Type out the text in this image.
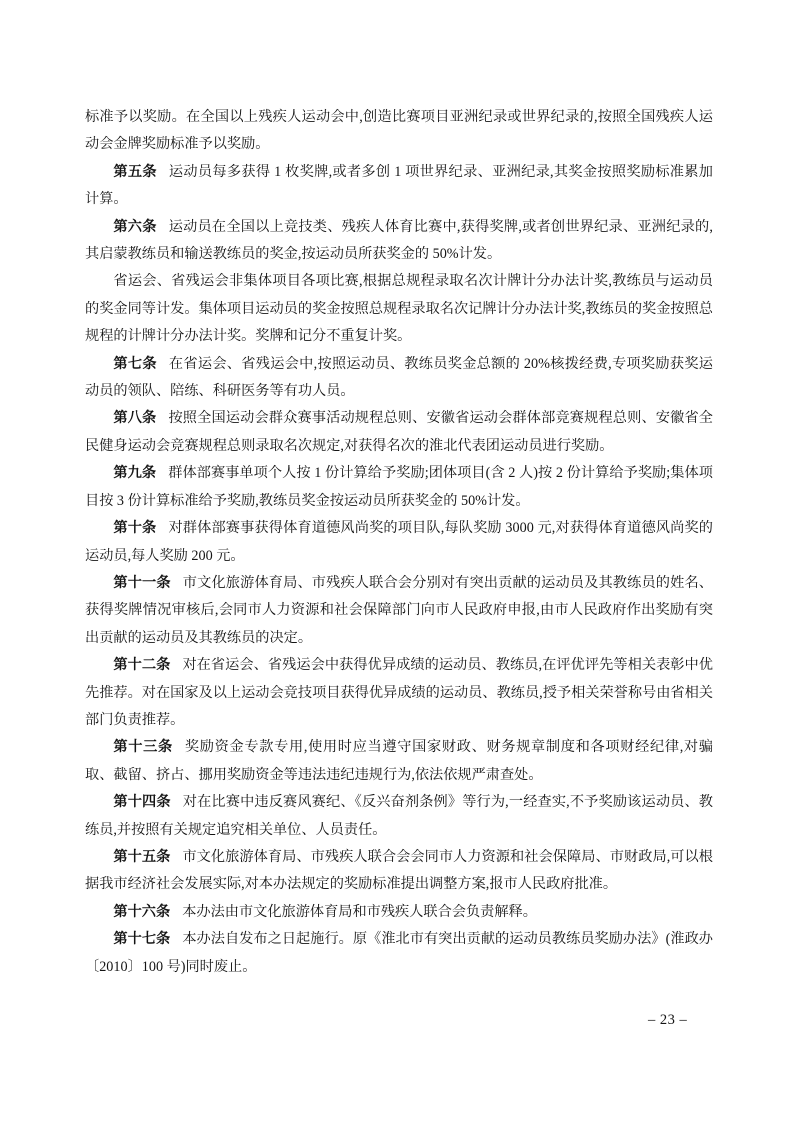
标准予以奖励。在全国以上残疾人运动会中,创造比赛项目亚洲纪录或世界纪录的,按照全国残疾人运动会金牌奖励标准予以奖励。

第五条 运动员每多获得 1 枚奖牌,或者多创 1 项世界纪录、亚洲纪录,其奖金按照奖励标准累加计算。

第六条 运动员在全国以上竞技类、残疾人体育比赛中,获得奖牌,或者创世界纪录、亚洲纪录的,其启蒙教练员和输送教练员的奖金,按运动员所获奖金的 50%计发。

省运会、省残运会非集体项目各项比赛,根据总规程录取名次计牌计分办法计奖,教练员与运动员的奖金同等计发。集体项目运动员的奖金按照总规程录取名次记牌计分办法计奖,教练员的奖金按照总规程的计牌计分办法计奖。奖牌和记分不重复计奖。

第七条 在省运会、省残运会中,按照运动员、教练员奖金总额的 20%核拨经费,专项奖励获奖运动员的领队、陪练、科研医务等有功人员。

第八条 按照全国运动会群众赛事活动规程总则、安徽省运动会群体部竞赛规程总则、安徽省全民健身运动会竞赛规程总则录取名次规定,对获得名次的淮北代表团运动员进行奖励。

第九条 群体部赛事单项个人按 1 份计算给予奖励;团体项目(含 2 人)按 2 份计算给予奖励;集体项目按 3 份计算标准给予奖励,教练员奖金按运动员所获奖金的 50%计发。

第十条 对群体部赛事获得体育道德风尚奖的项目队,每队奖励 3000 元,对获得体育道德风尚奖的运动员,每人奖励 200 元。

第十一条 市文化旅游体育局、市残疾人联合会分别对有突出贡献的运动员及其教练员的姓名、获得奖牌情况审核后,会同市人力资源和社会保障部门向市人民政府申报,由市人民政府作出奖励有突出贡献的运动员及其教练员的决定。

第十二条 对在省运会、省残运会中获得优异成绩的运动员、教练员,在评优评先等相关表彰中优先推荐。对在国家及以上运动会竞技项目获得优异成绩的运动员、教练员,授予相关荣誉称号由省相关部门负责推荐。

第十三条 奖励资金专款专用,使用时应当遵守国家财政、财务规章制度和各项财经纪律,对骗取、截留、挤占、挪用奖励资金等违法违纪违规行为,依法依规严肃查处。

第十四条 对在比赛中违反赛风赛纪、《反兴奋剂条例》等行为,一经查实,不予奖励该运动员、教练员,并按照有关规定追究相关单位、人员责任。

第十五条 市文化旅游体育局、市残疾人联合会会同市人力资源和社会保障局、市财政局,可以根据我市经济社会发展实际,对本办法规定的奖励标准提出调整方案,报市人民政府批准。

第十六条 本办法由市文化旅游体育局和市残疾人联合会负责解释。

第十七条 本办法自发布之日起施行。原《淮北市有突出贡献的运动员教练员奖励办法》(淮政办〔2010〕100 号)同时废止。

– 23 –
